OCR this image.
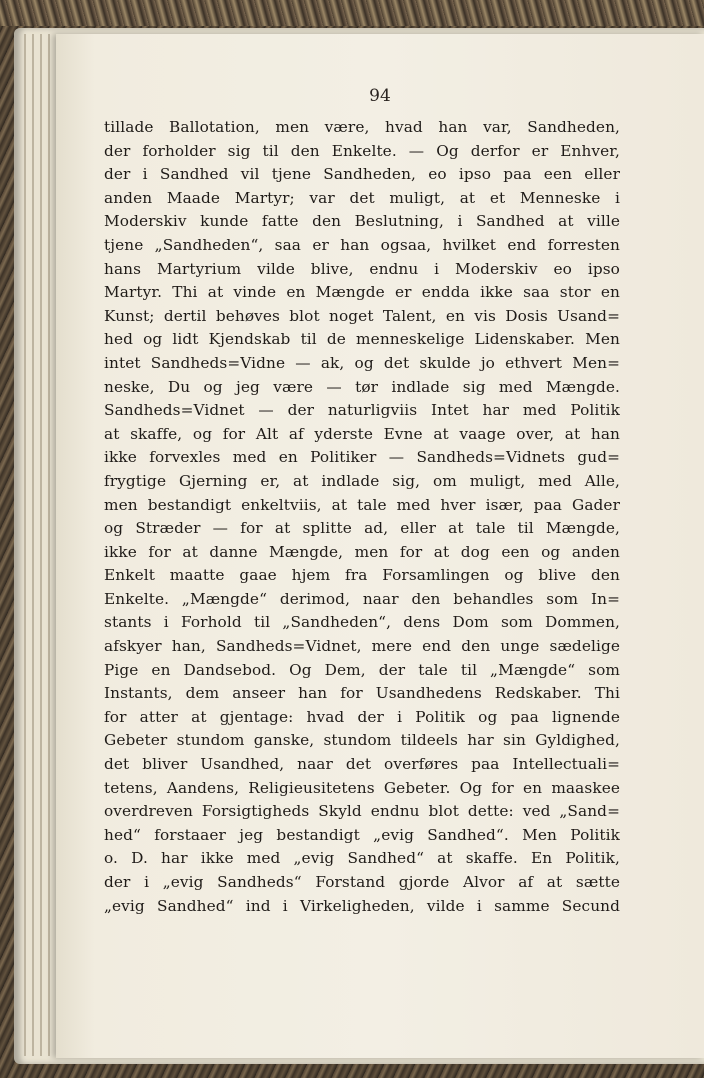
94
tillade Ballotation, men være, hvad han var, Sandheden,
der forholder sig til den Enkelte. — Og derfor er Enhver,
der i Sandhed vil tjene Sandheden, eo ipso paa een eller
anden Maade Martyr; var det muligt, at et Menneske i
Moderskiv kunde fatte den Beslutning, i Sandhed at ville
tjene „Sandheden“, saa er han ogsaa, hvilket end forresten
hans Martyrium vilde blive, endnu i Moderskiv eo ipso
Martyr. Thi at vinde en Mængde er endda ikke saa stor en
Kunst; dertil behøves blot noget Talent, en vis Dosis Usand=
hed og lidt Kjendskab til de menneskelige Lidenskaber. Men
intet Sandheds=Vidne — ak, og det skulde jo ethvert Men=
neske, Du og jeg være — tør indlade sig med Mængde.
Sandheds=Vidnet — der naturligviis Intet har med Politik
at skaffe, og for Alt af yderste Evne at vaage over, at han
ikke forvexles med en Politiker — Sandheds=Vidnets gud=
frygtige Gjerning er, at indlade sig, om muligt, med Alle,
men bestandigt enkeltviis, at tale med hver især, paa Gader
og Stræder — for at splitte ad, eller at tale til Mængde,
ikke for at danne Mængde, men for at dog een og anden
Enkelt maatte gaae hjem fra Forsamlingen og blive den
Enkelte. „Mængde“ derimod, naar den behandles som In=
stants i Forhold til „Sandheden“, dens Dom som Dommen,
afskyer han, Sandheds=Vidnet, mere end den unge sædelige
Pige en Dandsebod. Og Dem, der tale til „Mængde“ som
Instants, dem anseer han for Usandhedens Redskaber. Thi
for atter at gjentage: hvad der i Politik og paa lignende
Gebeter stundom ganske, stundom tildeels har sin Gyldighed,
det bliver Usandhed, naar det overføres paa Intellectuali=
tetens, Aandens, Religieusitetens Gebeter. Og for en maaskee
overdreven Forsigtigheds Skyld endnu blot dette: ved „Sand=
hed“ forstaaer jeg bestandigt „evig Sandhed“. Men Politik
o. D. har ikke med „evig Sandhed“ at skaffe. En Politik,
der i „evig Sandheds“ Forstand gjorde Alvor af at sætte
„evig Sandhed“ ind i Virkeligheden, vilde i samme Secund
